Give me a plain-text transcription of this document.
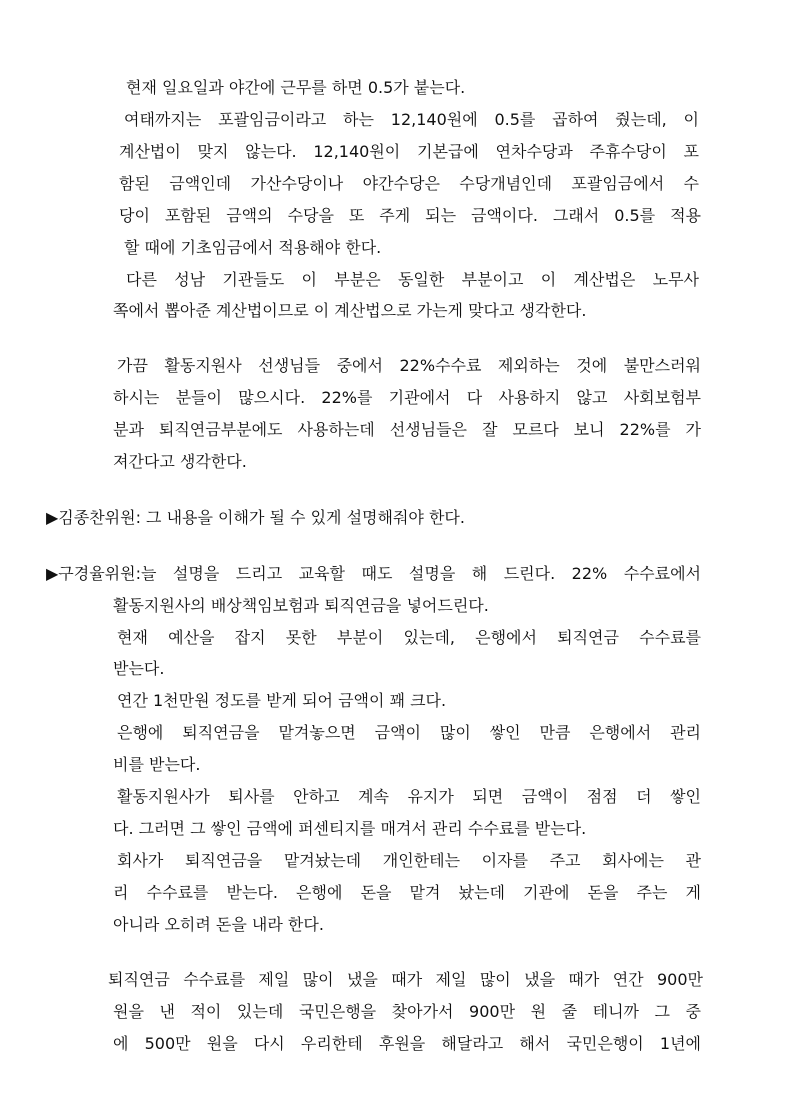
현재 일요일과 야간에 근무를 하면 0.5가 붙는다.
여태까지는 포괄임금이라고 하는 12,140원에 0.5를 곱하여 줬는데, 이
계산법이 맞지 않는다. 12,140원이 기본급에 연차수당과 주휴수당이 포
함된 금액인데 가산수당이나 야간수당은 수당개념인데 포괄임금에서 수
당이 포함된 금액의 수당을 또 주게 되는 금액이다. 그래서 0.5를 적용
할 때에 기초임금에서 적용해야 한다.
다른 성남 기관들도 이 부분은 동일한 부분이고 이 계산법은 노무사
쪽에서 뽑아준 계산법이므로 이 계산법으로 가는게 맞다고 생각한다.
가끔 활동지원사 선생님들 중에서 22%수수료 제외하는 것에 불만스러워
하시는 분들이 많으시다. 22%를 기관에서 다 사용하지 않고 사회보험부
분과 퇴직연금부분에도 사용하는데 선생님들은 잘 모르다 보니 22%를 가
져간다고 생각한다.
▶김종찬위원: 그 내용을 이해가 될 수 있게 설명해줘야 한다.
▶구경율위원:늘 설명을 드리고 교육할 때도 설명을 해 드린다. 22% 수수료에서
활동지원사의 배상책임보험과 퇴직연금을 넣어드린다.
현재 예산을 잡지 못한 부분이 있는데, 은행에서 퇴직연금 수수료를
받는다.
연간 1천만원 정도를 받게 되어 금액이 꽤 크다.
은행에 퇴직연금을 맡겨놓으면 금액이 많이 쌓인 만큼 은행에서 관리
비를 받는다.
활동지원사가 퇴사를 안하고 계속 유지가 되면 금액이 점점 더 쌓인
다. 그러면 그 쌓인 금액에 퍼센티지를 매겨서 관리 수수료를 받는다.
회사가 퇴직연금을 맡겨놨는데 개인한테는 이자를 주고 회사에는 관
리 수수료를 받는다. 은행에 돈을 맡겨 놨는데 기관에 돈을 주는 게
아니라 오히려 돈을 내라 한다.
퇴직연금 수수료를 제일 많이 냈을 때가 제일 많이 냈을 때가 연간 900만
원을 낸 적이 있는데 국민은행을 찾아가서 900만 원 줄 테니까 그 중
에 500만 원을 다시 우리한테 후원을 해달라고 해서 국민은행이 1년에
